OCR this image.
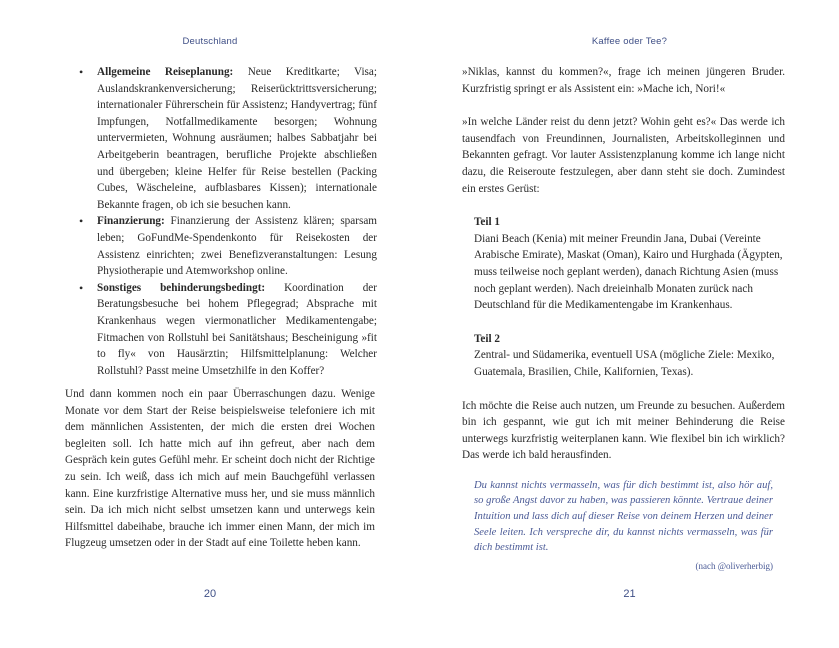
Deutschland
• Allgemeine Reiseplanung: Neue Kreditkarte; Visa; Auslandskrankenversicherung; Reiserücktrittsversicherung; internationaler Führerschein für Assistenz; Handyvertrag; fünf Impfungen, Notfallmedikamente besorgen; Wohnung untervermieten, Wohnung ausräumen; halbes Sabbatjahr bei Arbeitgeberin beantragen, berufliche Projekte abschließen und übergeben; kleine Helfer für Reise bestellen (Packing Cubes, Wäscheleine, aufblasbares Kissen); internationale Bekannte fragen, ob ich sie besuchen kann.
• Finanzierung: Finanzierung der Assistenz klären; sparsam leben; GoFundMe-Spendenkonto für Reisekosten der Assistenz einrichten; zwei Benefizveranstaltungen: Lesung Physiotherapie und Atemworkshop online.
• Sonstiges behinderungsbedingt: Koordination der Beratungsbesuche bei hohem Pflegegrad; Absprache mit Krankenhaus wegen viermonatlicher Medikamentengabe; Fitmachen von Rollstuhl bei Sanitätshaus; Bescheinigung »fit to fly« von Hausärztin; Hilfsmittelplanung: Welcher Rollstuhl? Passt meine Umsetzhilfe in den Koffer?

Und dann kommen noch ein paar Überraschungen dazu. Wenige Monate vor dem Start der Reise beispielsweise telefoniere ich mit dem männlichen Assistenten, der mich die ersten drei Wochen begleiten soll. Ich hatte mich auf ihn gefreut, aber nach dem Gespräch kein gutes Gefühl mehr. Er scheint doch nicht der Richtige zu sein. Ich weiß, dass ich mich auf mein Bauchgefühl verlassen kann. Eine kurzfristige Alternative muss her, und sie muss männlich sein. Da ich mich nicht selbst umsetzen kann und unterwegs kein Hilfsmittel dabeihabe, brauche ich immer einen Mann, der mich im Flugzeug umsetzen oder in der Stadt auf eine Toilette heben kann.

20
Kaffee oder Tee?

»Niklas, kannst du kommen?«, frage ich meinen jüngeren Bruder. Kurzfristig springt er als Assistent ein: »Mache ich, Nori!«

»In welche Länder reist du denn jetzt? Wohin geht es?« Das werde ich tausendfach von Freundinnen, Journalisten, Arbeitskolleginnen und Bekannten gefragt. Vor lauter Assistenzplanung komme ich lange nicht dazu, die Reiseroute festzulegen, aber dann steht sie doch. Zumindest ein erstes Gerüst:

Teil 1

Diani Beach (Kenia) mit meiner Freundin Jana, Dubai (Vereinte Arabische Emirate), Maskat (Oman), Kairo und Hurghada (Ägypten, muss teilweise noch geplant werden), danach Richtung Asien (muss noch geplant werden). Nach dreieinhalb Monaten zurück nach Deutschland für die Medikamentengabe im Krankenhaus.

Teil 2

Zentral- und Südamerika, eventuell USA (mögliche Ziele: Mexiko, Guatemala, Brasilien, Chile, Kalifornien, Texas).

Ich möchte die Reise auch nutzen, um Freunde zu besuchen. Außerdem bin ich gespannt, wie gut ich mit meiner Behinderung die Reise unterwegs kurzfristig weiterplanen kann. Wie flexibel bin ich wirklich? Das werde ich bald herausfinden.

Du kannst nichts vermasseln, was für dich bestimmt ist, also hör auf, so große Angst davor zu haben, was passieren könnte. Vertraue deiner Intuition und lass dich auf dieser Reise von deinem Herzen und deiner Seele leiten. Ich verspreche dir, du kannst nichts vermasseln, was für dich bestimmt ist.

(nach @oliverherbig)
21
